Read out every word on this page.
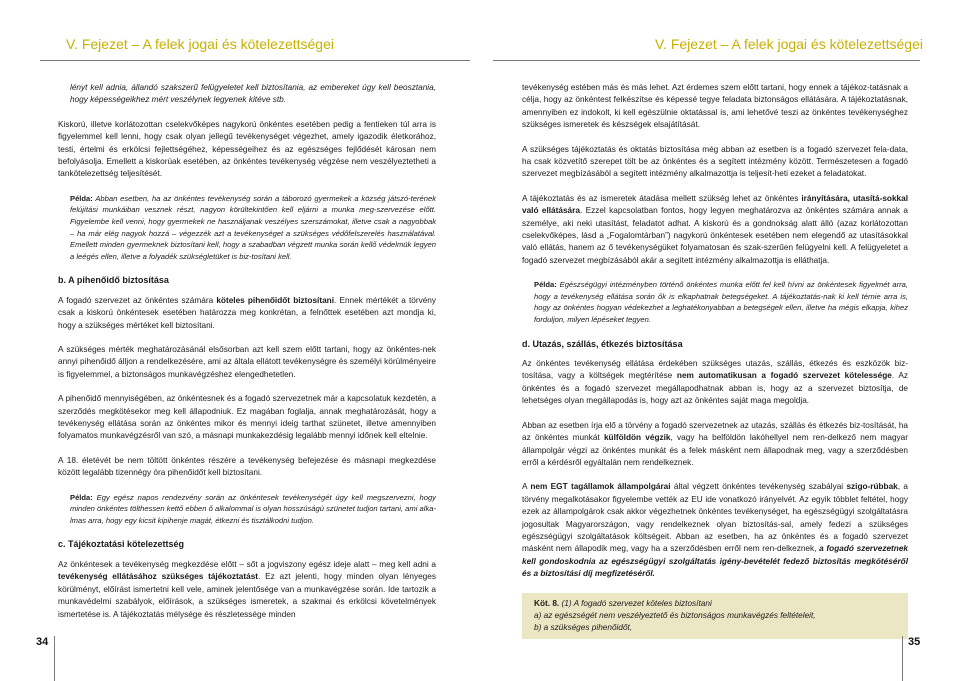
V. Fejezet – A felek jogai és kötelezettségei	V. Fejezet – A felek jogai és kötelezettségei

lényt kell adnia, állandó szakszerű felügyeletet kell biztosítania, az embereket úgy kell beosztania, hogy képességeikhez mért veszélynek legyenek kitéve stb.

Kiskorú, illetve korlátozottan cselekvőképes nagykorú önkéntes esetében pedig a fentieken túl arra is figyelemmel kell lenni, hogy csak olyan jellegű tevékenységet végezhet, amely igazodik életkorához, testi, értelmi és erkölcsi fejlettségéhez, képességeihez és az egészséges fejlődését károsan nem befolyásolja. Emellett a kiskorúak esetében, az önkéntes tevékenység végzése nem veszélyeztetheti a tankötelezettség teljesítését.

Példa: Abban esetben, ha az önkéntes tevékenység során a táborozó gyermekek a község játszó-terének felújítási munkáiban vesznek részt, nagyon körültekintően kell eljárni a munka meg-szervezése előtt. Figyelembe kell venni, hogy gyermekek ne használjanak veszélyes szerszámokat, illetve csak a nagyobbak – ha már elég nagyok hozzá – végezzék azt a tevékenységet a szükséges védőfelszerelés használatával. Emellett minden gyermeknek biztosítani kell, hogy a szabadban végzett munka során kellő védelmük legyen a leégés ellen, illetve a folyadék szükségletüket is biz-tosítani kell.

b. A pihenőidő biztosítása

A fogadó szervezet az önkéntes számára köteles pihenőidőt biztosítani. Ennek mértékét a törvény csak a kiskorú önkéntesek esetében határozza meg konkrétan, a felnőttek esetében azt mondja ki, hogy a szükséges mértéket kell biztosítani.

A szükséges mérték meghatározásánál elsősorban azt kell szem előtt tartani, hogy az önkéntes-nek annyi pihenőidő álljon a rendelkezésére, ami az általa ellátott tevékenységre és személyi körülményeire is figyelemmel, a biztonságos munkavégzéshez elengedhetetlen.

A pihenőidő mennyiségében, az önkéntesnek és a fogadó szervezetnek már a kapcsolatuk kezdetén, a szerződés megkötésekor meg kell állapodniuk. Ez magában foglalja, annak meghatározását, hogy a tevékenység ellátása során az önkéntes mikor és mennyi ideig tarthat szünetet, illetve amennyiben folyamatos munkavégzésről van szó, a másnapi munkakezdésig legalább mennyi időnek kell eltelnie.

A 18. életévét be nem töltött önkéntes részére a tevékenység befejezése és másnapi megkezdése között legalább tizennégy óra pihenőidőt kell biztosítani.

Példa: Egy egész napos rendezvény során az önkéntesek tevékenységét úgy kell megszervezni, hogy minden önkéntes tölthessen kettő ebben ő alkalommal is olyan hosszúságú szünetet tudjon tartani, ami alka-lmas arra, hogy egy kicsit kipihenje magát, étkezni és tisztálkodni tudjon.

c. Tájékoztatási kötelezettség

Az önkéntesek a tevékenység megkezdése előtt – sőt a jogviszony egész ideje alatt – meg kell adni a tevékenység ellátásához szükséges tájékoztatást. Ez azt jelenti, hogy minden olyan lényeges körülményt, előírást ismertetni kell vele, aminek jelentősége van a munkavégzése során. Ide tartozik a munkavédelmi szabályok, előírások, a szükséges ismeretek, a szakmai és erkölcsi követelmények ismertetése is. A tájékoztatás mélysége és részletessége minden

tevékenység estében más és más lehet. Azt érdemes szem előtt tartani, hogy ennek a tájékoz-tatásnak a célja, hogy az önkéntest felkészítse és képessé tegye feladata biztonságos ellátására. A tájékoztatásnak, amennyiben ez indokolt, ki kell egészülnie oktatással is, ami lehetővé teszi az önkéntes tevékenységhez szükséges ismeretek és készségek elsajátítását.

A szükséges tájékoztatás és oktatás biztosítása még abban az esetben is a fogadó szervezet fela-data, ha csak közvetítő szerepet tölt be az önkéntes és a segített intézmény között. Természetesen a fogadó szervezet megbízásából a segített intézmény alkalmazottja is teljesít-heti ezeket a feladatokat.

A tájékoztatás és az ismeretek átadása mellett szükség lehet az önkéntes irányítására, utasítá-sokkal való ellátására. Ezzel kapcsolatban fontos, hogy legyen meghatározva az önkéntes számára annak a személye, aki neki utasítást, feladatot adhat. A kiskorú és a gondnokság alatt álló (azaz korlátozottan cselekvőképes, lásd a „Fogalomtárban”) nagykorú önkéntesek esetében nem elegendő az utasításokkal való ellátás, hanem az ő tevékenységüket folyamatosan és szak-szerűen felügyelni kell. A felügyeletet a fogadó szervezet megbízásából akár a segített intézmény alkalmazottja is elláthatja.

Példa: Egészségügyi intézményben történő önkéntes munka előtt fel kell hívni az önkéntesek figyelmét arra, hogy a tevékenység ellátása során ők is elkaphatnak betegségeket. A tájékoztatás-nak ki kell térnie arra is, hogy az önkéntes hogyan védekezhet a leghatékonyabban a betegségek ellen, illetve ha mégis elkapja, kihez forduljon, milyen lépéseket tegyen.

d. Utazás, szállás, étkezés biztosítása

Az önkéntes tevékenység ellátása érdekében szükséges utazás, szállás, étkezés és eszközök biz-tosítása, vagy a költségek megtérítése nem automatikusan a fogadó szervezet kötelessége. Az önkéntes és a fogadó szervezet megállapodhatnak abban is, hogy az a szervezet biztosítja, de lehetséges olyan megállapodás is, hogy azt az önkéntes saját maga megoldja.

Abban az esetben írja elő a törvény a fogadó szervezetnek az utazás, szállás és étkezés biz-tosítását, ha az önkéntes munkát külföldön végzik, vagy ha belföldön lakóhellyel nem ren-delkező nem magyar állampolgár végzi az önkéntes munkát és a felek másként nem állapodnak meg, vagy a szerződésben erről a kérdésről egyáltalán nem rendelkeznek.

A nem EGT tagállamok állampolgárai által végzett önkéntes tevékenység szabályai szigo-rúbbak, a törvény megalkotásakor figyelembe vették az EU ide vonatkozó irányelvét. Az egyik többlet feltétel, hogy ezek az állampolgárok csak akkor végezhetnek önkéntes tevékenységet, ha egészségügyi szolgáltatásra jogosultak Magyarországon, vagy rendelkeznek olyan biztosítás-sal, amely fedezi a szükséges egészségügyi szolgáltatások költségeit. Abban az esetben, ha az önkéntes és a fogadó szervezet másként nem állapodik meg, vagy ha a szerződésben erről nem ren-delkeznek, a fogadó szervezetnek kell gondoskodnia az egészségügyi szolgáltatás igény-bevételét fedező biztosítás megkötéséről és a biztosítási díj megfizetéséről.

Köt. 8. (1) A fogadó szervezet köteles biztosítani
a) az egészségét nem veszélyeztető és biztonságos munkavégzés feltételeit,
b) a szükséges pihenőidőt,
34	35
